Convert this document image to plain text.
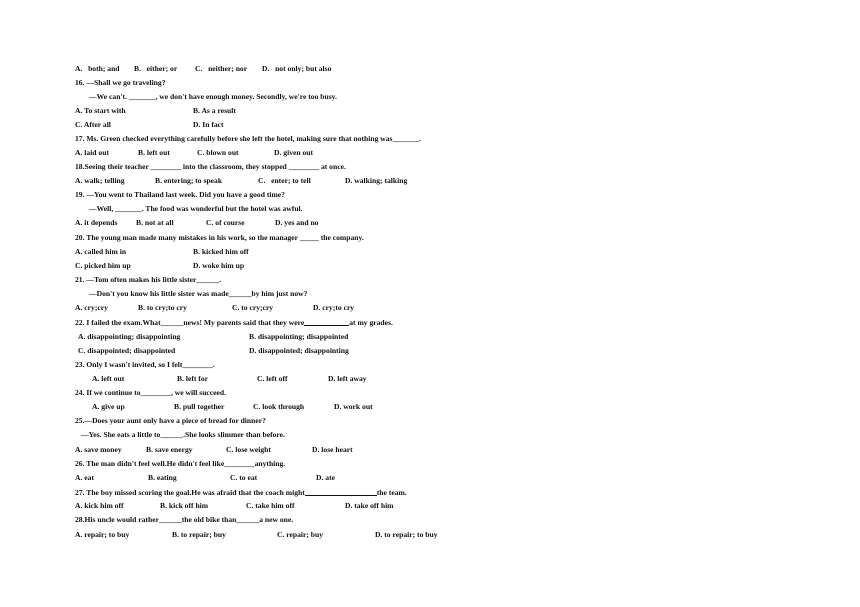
A.   both; and B.   either; or C.   neither; nor D.   not only; but also
16. —Shall we go traveling?
—We can't. _______, we don't have enough money. Secondly, we're too busy.
A. To start with	B. As a result
C. After all	D. In fact
17. Ms. Green checked everything carefully before she left the hotel, making sure that nothing was_______.
A. laid out	B. left out	C. blown out	D. given out
18.Seeing their teacher ________ into the classroom, they stopped ________ at once.
A. walk; telling	B. entering; to speak	C.   enter; to tell	D. walking; talking
19. —You went to Thailand last week. Did you have a good time?
—Well, _______. The food was wonderful but the hotel was awful.
A. it depends B. not at all	C. of course	D. yes and no
20. The young man made many mistakes in his work, so the manager _____ the company.
A. called him in	B. kicked him off
C. picked him up	D. woke him up
21. —Tom often makes his little sister______.
—Don't you know his little sister was made______by him just now?
A. cry;cry	B. to cry;to cry	C. to cry;cry	D. cry;to cry
22. I failed the exam.What______news! My parents said that they were	at my grades.
A. disappointing; disappointing	B. disappointing; disappointed
C. disappointed; disappointed	D. disappointed; disappointing
23. Only I wasn't invited, so I felt________.
A. left out	B. left for	C. left off	D. left away
24. If we continue to________, we will succeed.
A. give up	B. pull together	C. look through	D. work out
25.—Does your aunt only have a piece of bread for dinner?
—Yes. She eats a little to______.She looks slimmer than before.
A. save money	B. save energy	C. lose weight	D. lose heart
26. The man didn't feel well.He didn't feel like________anything.
A. eat	B. eating	C. to eat	D. ate
27. The boy missed scoring the goal.He was afraid that the coach might	the team.
A. kick him off	B. kick off him	C. take him off	D. take off him
28.His uncle would rather______the old bike than______a new one.
A. repair; to buy	B. to repair; buy	C. repair; buy	D. to repair; to buy
